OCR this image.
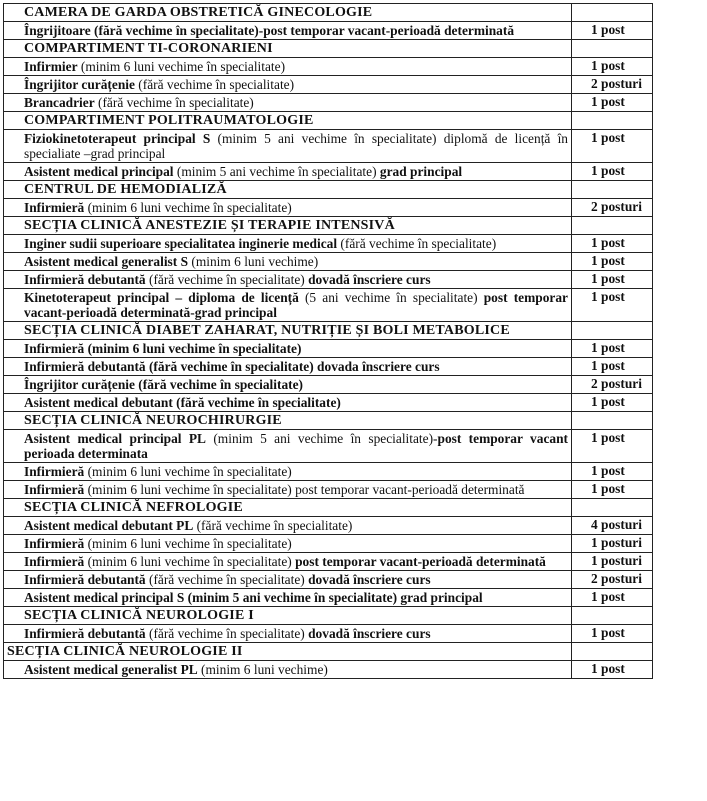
CAMERA DE GARDA OBSTRETICĂ GINECOLOGIE	
Îngrijitoare (fără vechime în specialitate)-post temporar vacant-perioadă determinată	1 post
COMPARTIMENT TI-CORONARIENI	
Infirmier (minim 6 luni vechime în specialitate)	1 post
Îngrijitor curățenie (fără vechime în specialitate)	2 posturi
Brancadrier (fără vechime în specialitate)	1 post
COMPARTIMENT POLITRAUMATOLOGIE	
Fiziokinetoterapeut principal S (minim 5 ani vechime în specialitate) diplomă de licență în specialiate –grad principal	1 post
Asistent medical principal (minim 5 ani vechime în specialitate) grad principal	1 post
CENTRUL DE HEMODIALIZĂ	
Infirmieră (minim 6 luni vechime în specialitate)	2 posturi
SECȚIA CLINICĂ ANESTEZIE ȘI TERAPIE INTENSIVĂ	
Inginer sudii superioare specialitatea inginerie medical (fără vechime în specialitate)	1 post
Asistent medical generalist S (minim 6 luni vechime)	1 post
Infirmieră debutantă (fără vechime în specialitate) dovadă înscriere curs	1 post
Kinetoterapeut principal – diploma de licență (5 ani vechime în specialitate) post temporar vacant-perioadă determinată-grad principal	1 post
SECȚIA CLINICĂ DIABET ZAHARAT, NUTRIȚIE ȘI BOLI METABOLICE	
Infirmieră (minim 6 luni vechime în specialitate)	1 post
Infirmieră debutantă (fără vechime în specialitate) dovada înscriere curs	1 post
Îngrijitor curățenie (fără vechime în specialitate)	2 posturi
Asistent medical debutant (fără vechime în specialitate)	1 post
SECȚIA CLINICĂ NEUROCHIRURGIE	
Asistent medical principal PL (minim 5 ani vechime în specialitate)-post temporar vacant perioada determinata	1 post
Infirmieră (minim 6 luni vechime în specialitate)	1 post
Infirmieră (minim 6 luni vechime în specialitate) post temporar vacant-perioadă determinată	1 post
SECȚIA CLINICĂ NEFROLOGIE	
Asistent medical debutant PL (fără vechime în specialitate)	4 posturi
Infirmieră (minim 6 luni vechime în specialitate)	1 posturi
Infirmieră (minim 6 luni vechime în specialitate) post temporar vacant-perioadă determinată	1 posturi
Infirmieră debutantă (fără vechime în specialitate) dovadă înscriere curs	2 posturi
Asistent medical principal S (minim 5 ani vechime în specialitate) grad principal	1 post
SECȚIA CLINICĂ NEUROLOGIE I	
Infirmieră debutantă (fără vechime în specialitate) dovadă înscriere curs	1 post
SECȚIA CLINICĂ NEUROLOGIE II	
Asistent medical generalist PL (minim 6 luni vechime)	1 post
